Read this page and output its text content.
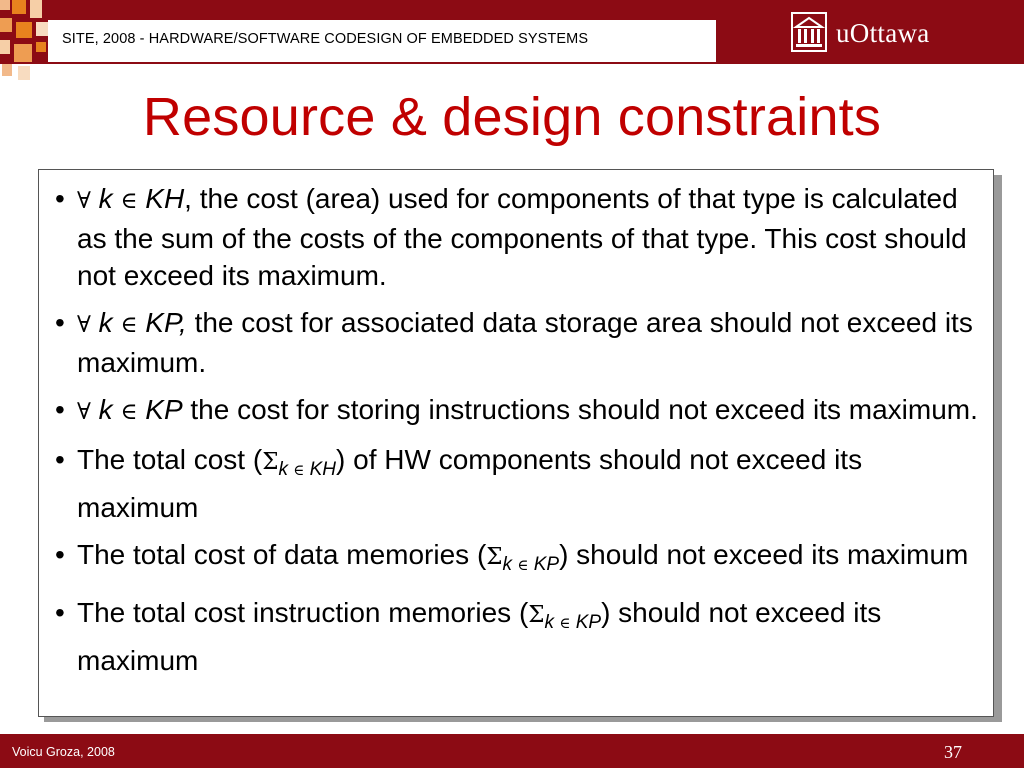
SITE, 2008 - HARDWARE/SOFTWARE CODESIGN OF EMBEDDED SYSTEMS	uOttawa
Resource & design constraints
• ∀ k ∈ KH, the cost (area) used for components of that type is calculated as the sum of the costs of the components of that type. This cost should not exceed its maximum.
• ∀ k ∈ KP, the cost for associated data storage area should not exceed its maximum.
• ∀ k ∈ KP the cost for storing instructions should not exceed its maximum.
• The total cost $(\Sigma_{k \in KH})$ of HW components should not exceed its maximum
• The total cost of data memories $(\Sigma_{k \in KP})$ should not exceed its maximum
• The total cost instruction memories $(\Sigma_{k \in KP})$ should not exceed its maximum
Voicu Groza, 2008	37
